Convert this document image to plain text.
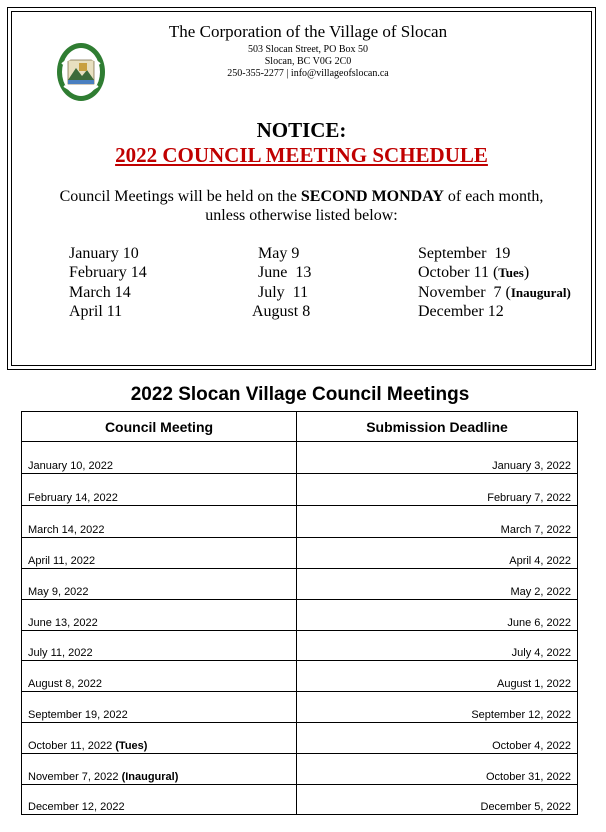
The Corporation of the Village of Slocan
503 Slocan Street, PO Box 50
Slocan, BC V0G 2C0
250-355-2277 | info@villageofslocan.ca
NOTICE:
2022 COUNCIL MEETING SCHEDULE
Council Meetings will be held on the SECOND MONDAY of each month,
unless otherwise listed below:
January 10
February 14
March 14
April 11
May 9
June  13
July  11
August 8
September  19
October 11 (Tues)
November  7 (Inaugural)
December 12
2022 Slocan Village Council Meetings
Council Meeting	Submission Deadline
January 10, 2022	January 3, 2022
February 14, 2022	February 7, 2022
March 14, 2022	March 7, 2022
April 11, 2022	April 4, 2022
May 9, 2022	May 2, 2022
June 13, 2022	June 6, 2022
July 11, 2022	July 4, 2022
August 8, 2022	August 1, 2022
September 19, 2022	September 12, 2022
October 11, 2022 (Tues)	October 4, 2022
November 7, 2022 (Inaugural)	October 31, 2022
December 12, 2022	December 5, 2022
